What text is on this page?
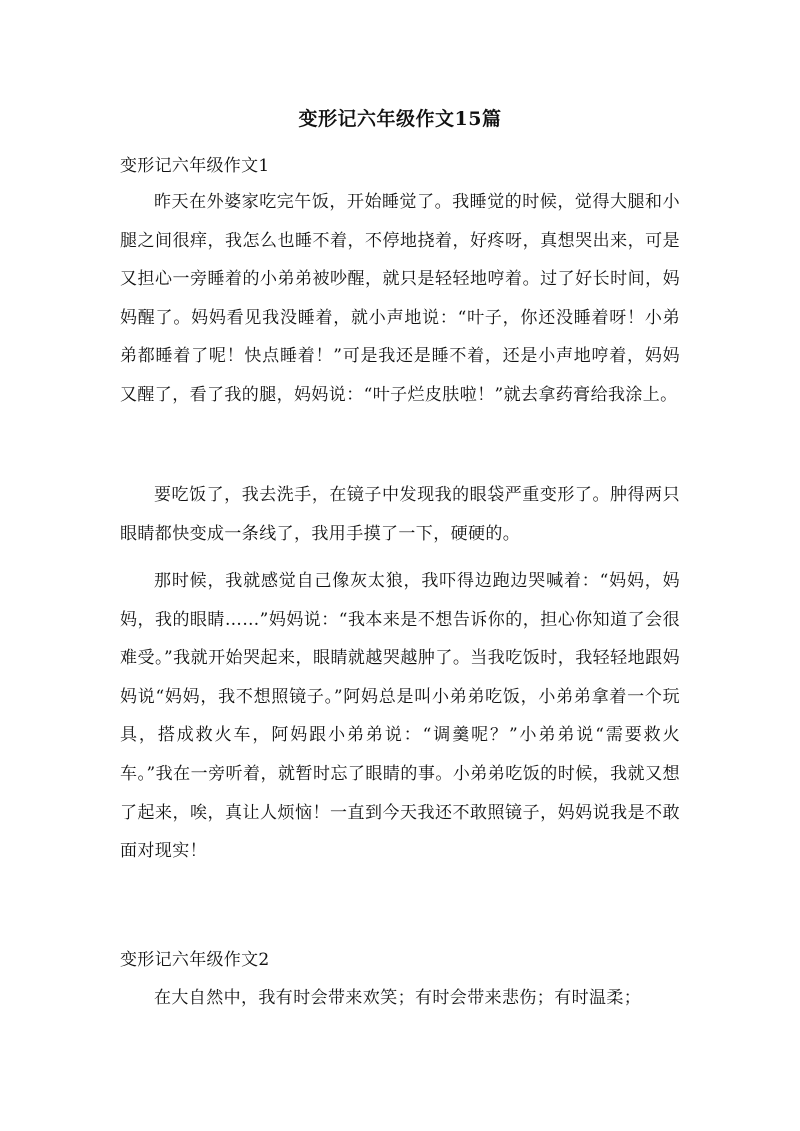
变形记六年级作文15篇
变形记六年级作文1
昨天在外婆家吃完午饭，开始睡觉了。我睡觉的时候，觉得大腿和小腿之间很痒，我怎么也睡不着，不停地挠着，好疼呀，真想哭出来，可是又担心一旁睡着的小弟弟被吵醒，就只是轻轻地哼着。过了好长时间，妈妈醒了。妈妈看见我没睡着，就小声地说：“叶子，你还没睡着呀！小弟弟都睡着了呢！快点睡着！”可是我还是睡不着，还是小声地哼着，妈妈又醒了，看了我的腿，妈妈说：“叶子烂皮肤啦！”就去拿药膏给我涂上。
要吃饭了，我去洗手，在镜子中发现我的眼袋严重变形了。肿得两只眼睛都快变成一条线了，我用手摸了一下，硬硬的。
那时候，我就感觉自己像灰太狼，我吓得边跑边哭喊着：“妈妈，妈妈，我的眼睛……”妈妈说：“我本来是不想告诉你的，担心你知道了会很难受。”我就开始哭起来，眼睛就越哭越肿了。当我吃饭时，我轻轻地跟妈妈说“妈妈，我不想照镜子。”阿妈总是叫小弟弟吃饭，小弟弟拿着一个玩具，搭成救火车，阿妈跟小弟弟说：“调羹呢？”小弟弟说“需要救火车。”我在一旁听着，就暂时忘了眼睛的事。小弟弟吃饭的时候，我就又想了起来，唉，真让人烦恼！一直到今天我还不敢照镜子，妈妈说我是不敢面对现实！
变形记六年级作文2
在大自然中，我有时会带来欢笑；有时会带来悲伤；有时温柔；
